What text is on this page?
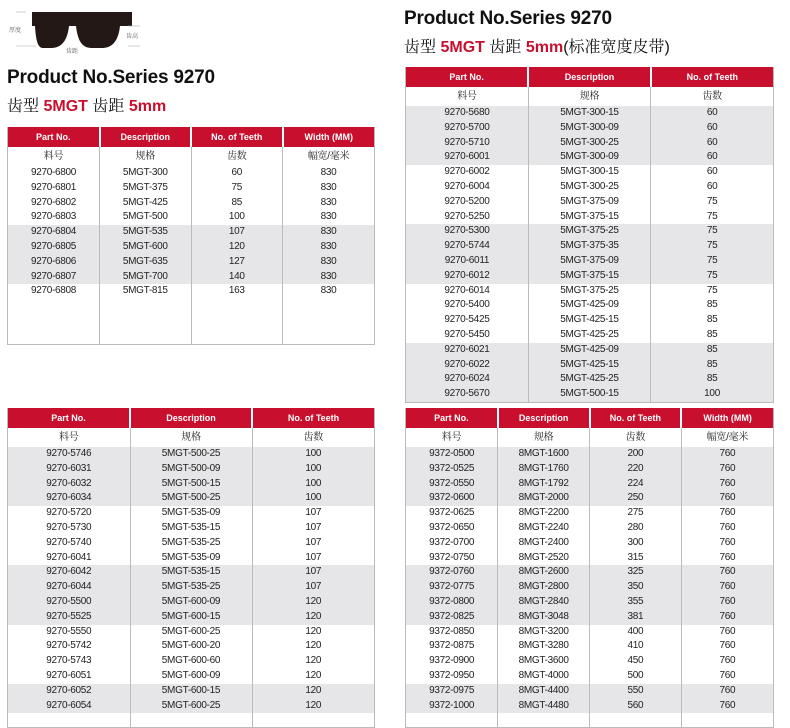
厚度
齿距
齿高
Product No.Series 9270
齿型 5MGT 齿距 5mm
Product No.Series 9270
齿型 5MGT 齿距 5mm(标准宽度皮带)
Part No.	Description	No. of Teeth	Width (MM)
料号	规格	齿数	幅宽/毫米
9270-6800	5MGT-300	60	830
9270-6801	5MGT-375	75	830
9270-6802	5MGT-425	85	830
9270-6803	5MGT-500	100	830
9270-6804	5MGT-535	107	830
9270-6805	5MGT-600	120	830
9270-6806	5MGT-635	127	830
9270-6807	5MGT-700	140	830
9270-6808	5MGT-815	163	830

Part No.	Description	No. of Teeth
料号	规格	齿数
9270-5680	5MGT-300-15	60
9270-5700	5MGT-300-09	60
9270-5710	5MGT-300-25	60
9270-6001	5MGT-300-09	60
9270-6002	5MGT-300-15	60
9270-6004	5MGT-300-25	60
9270-5200	5MGT-375-09	75
9270-5250	5MGT-375-15	75
9270-5300	5MGT-375-25	75
9270-5744	5MGT-375-35	75
9270-6011	5MGT-375-09	75
9270-6012	5MGT-375-15	75
9270-6014	5MGT-375-25	75
9270-5400	5MGT-425-09	85
9270-5425	5MGT-425-15	85
9270-5450	5MGT-425-25	85
9270-6021	5MGT-425-09	85
9270-6022	5MGT-425-15	85
9270-6024	5MGT-425-25	85
9270-5670	5MGT-500-15	100

Part No.	Description	No. of Teeth
料号	规格	齿数
9270-5746	5MGT-500-25	100
9270-6031	5MGT-500-09	100
9270-6032	5MGT-500-15	100
9270-6034	5MGT-500-25	100
9270-5720	5MGT-535-09	107
9270-5730	5MGT-535-15	107
9270-5740	5MGT-535-25	107
9270-6041	5MGT-535-09	107
9270-6042	5MGT-535-15	107
9270-6044	5MGT-535-25	107
9270-5500	5MGT-600-09	120
9270-5525	5MGT-600-15	120
9270-5550	5MGT-600-25	120
9270-5742	5MGT-600-20	120
9270-5743	5MGT-600-60	120
9270-6051	5MGT-600-09	120
9270-6052	5MGT-600-15	120
9270-6054	5MGT-600-25	120

Part No.	Description	No. of Teeth	Width (MM)
料号	规格	齿数	幅宽/毫米
9372-0500	8MGT-1600	200	760
9372-0525	8MGT-1760	220	760
9372-0550	8MGT-1792	224	760
9372-0600	8MGT-2000	250	760
9372-0625	8MGT-2200	275	760
9372-0650	8MGT-2240	280	760
9372-0700	8MGT-2400	300	760
9372-0750	8MGT-2520	315	760
9372-0760	8MGT-2600	325	760
9372-0775	8MGT-2800	350	760
9372-0800	8MGT-2840	355	760
9372-0825	8MGT-3048	381	760
9372-0850	8MGT-3200	400	760
9372-0875	8MGT-3280	410	760
9372-0900	8MGT-3600	450	760
9372-0950	8MGT-4000	500	760
9372-0975	8MGT-4400	550	760
9372-1000	8MGT-4480	560	760
